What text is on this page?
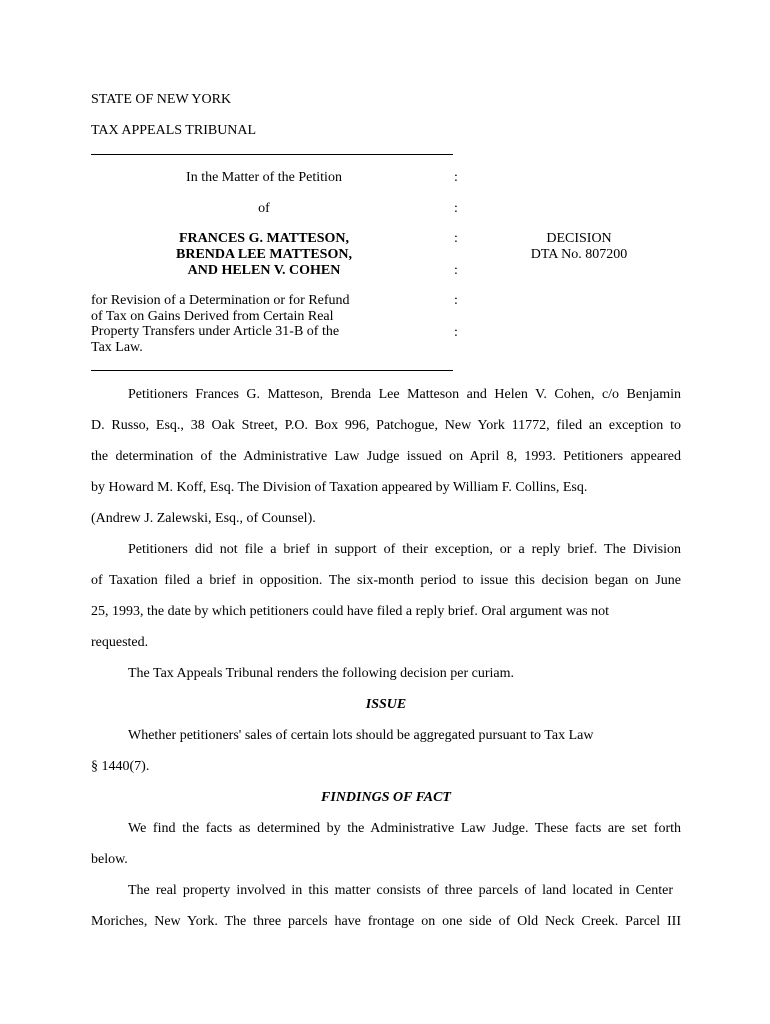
STATE OF NEW YORK
TAX APPEALS TRIBUNAL
In the Matter of the Petition
of
FRANCES G. MATTESON,
BRENDA LEE MATTESON,
AND HELEN V. COHEN
for Revision of a Determination or for Refund
of Tax on Gains Derived from Certain Real
Property Transfers under Article 31-B of the
Tax Law.
:
:
:
:
:
:
DECISION
DTA No. 807200
Petitioners Frances G. Matteson, Brenda Lee Matteson and Helen V. Cohen, c/o Benjamin
D. Russo, Esq., 38 Oak Street, P.O. Box 996, Patchogue, New York 11772, filed an exception to
the determination of the Administrative Law Judge issued on April 8, 1993. Petitioners appeared
by Howard M. Koff, Esq. The Division of Taxation appeared by William F. Collins, Esq.
(Andrew J. Zalewski, Esq., of Counsel).
Petitioners did not file a brief in support of their exception, or a reply brief. The Division
of Taxation filed a brief in opposition. The six-month period to issue this decision began on June
25, 1993, the date by which petitioners could have filed a reply brief. Oral argument was not
requested.
The Tax Appeals Tribunal renders the following decision per curiam.
ISSUE
Whether petitioners' sales of certain lots should be aggregated pursuant to Tax Law
§ 1440(7).
FINDINGS OF FACT
We find the facts as determined by the Administrative Law Judge. These facts are set forth
below.
The real property involved in this matter consists of three parcels of land located in Center
Moriches, New York. The three parcels have frontage on one side of Old Neck Creek. Parcel III
